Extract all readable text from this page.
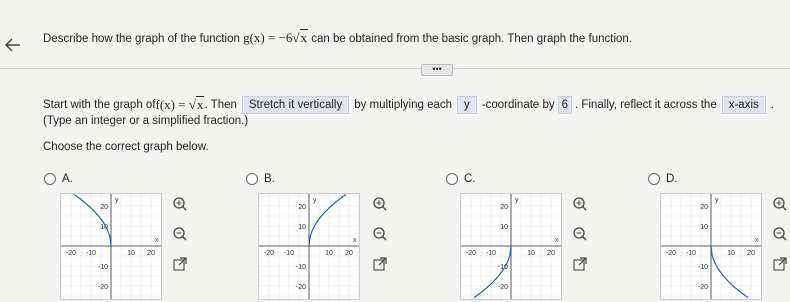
Describe how the graph of the function g(x) = −6√x can be obtained from the basic graph. Then graph the function.
•••
Start with the graph of f(x) = √x . Then	Stretch it vertically	by multiplying each	y	-coordinate by 6 . Finally, reflect it across the	x-axis	.
(Type an integer or a simplified fraction.)
Choose the correct graph below.
A.	B.	C.	D.
20
10
-10
-20
-20 -10	10 20
x
y
20
10
-10
-20
-20 -10	10 20
x
y
20
10
-10
-20
-20 -10	10 20
x
y
20
10
-10
-20
-20 -10	10 20
x
y
